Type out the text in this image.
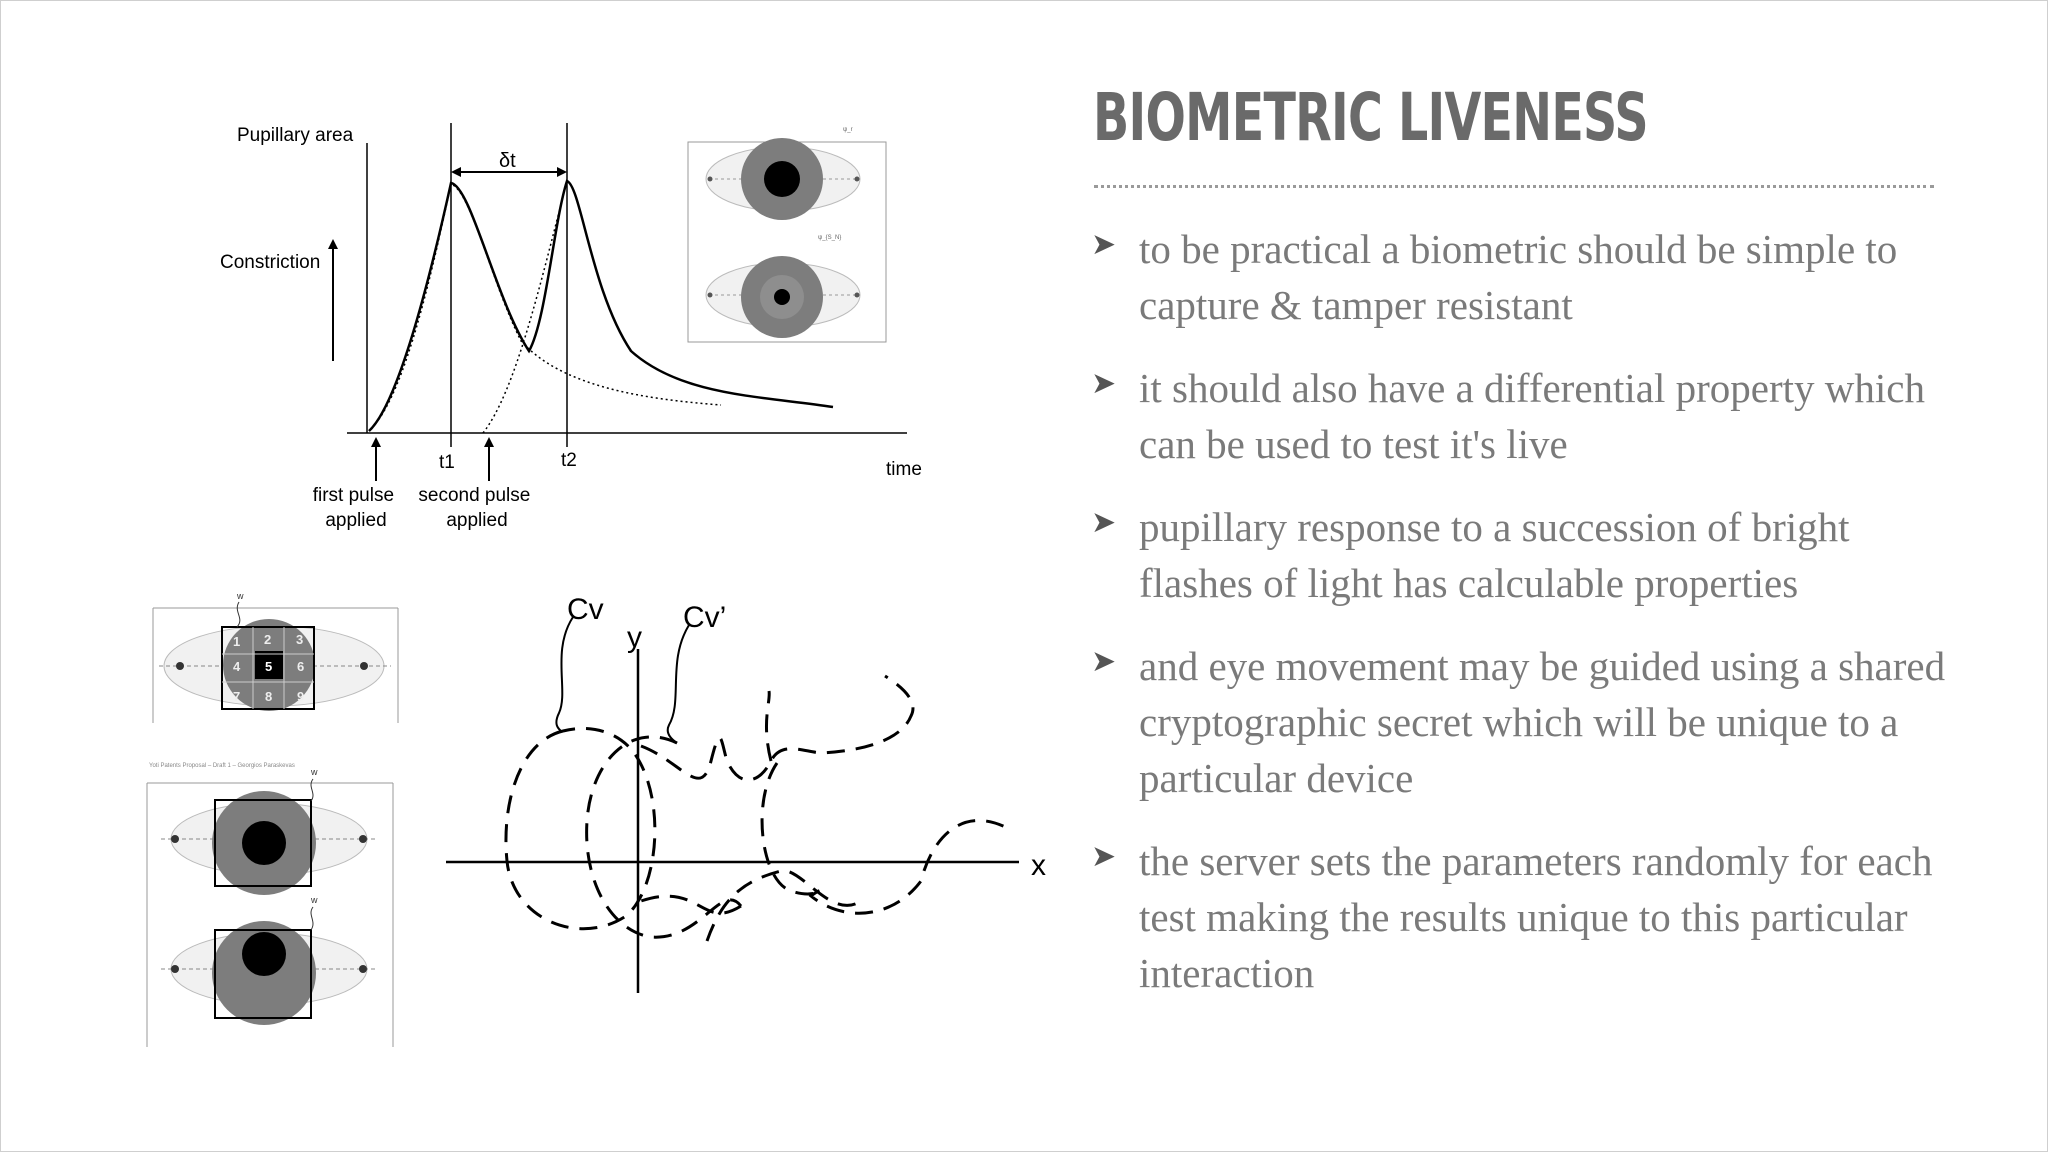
BIOMETRIC LIVENESS
➤ to be practical a biometric should be simple to capture & tamper resistant
➤ it should also have a differential property which can be used to test it's live
➤ pupillary response to a succession of bright flashes of light has calculable properties
➤ and eye movement may be guided using a shared cryptographic secret which will be unique to a particular device
➤ the server sets the parameters randomly for each test making the results unique to this particular interaction
Pupillary area
Constriction
δt
t1	t2	time
first pulse applied
second pulse applied
ψ_r
ψ_{S_N}
w
1 2 3
4 5 6
7 8 9
Yoti Patents Proposal – Draft 1 – Georgios Paraskevas
w
w
x
y
Cv	Cv’
